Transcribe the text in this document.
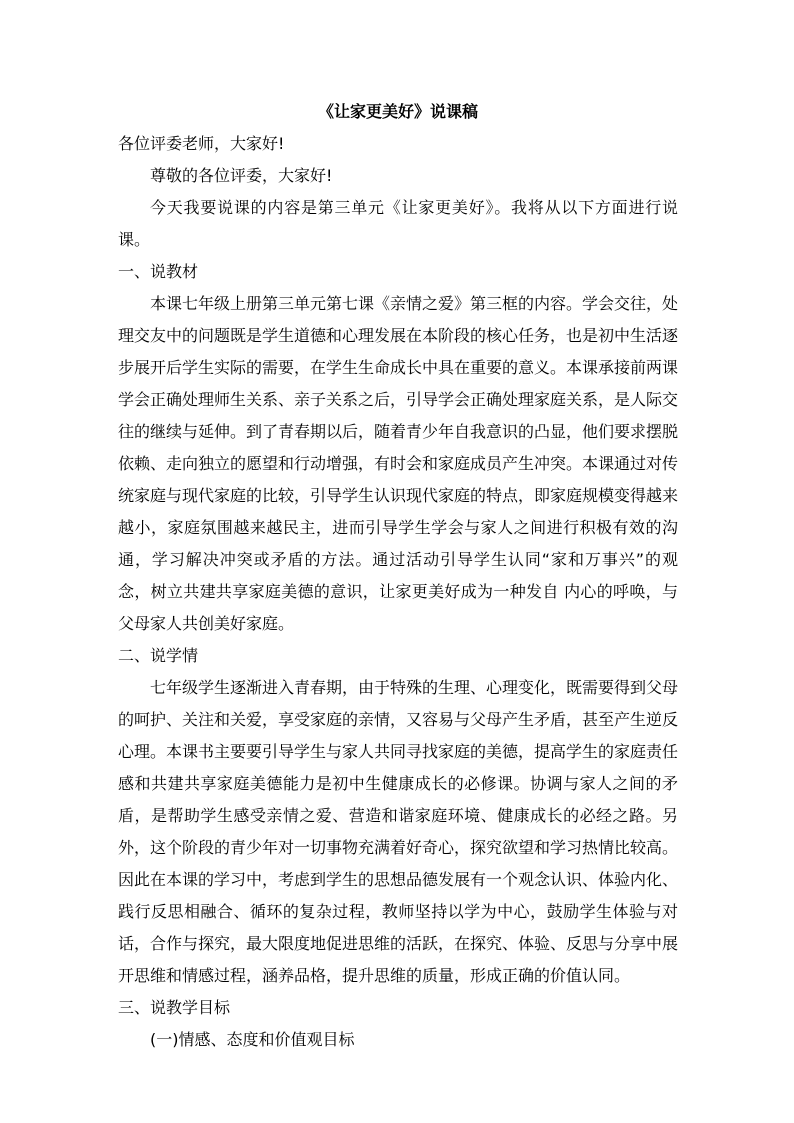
《让家更美好》说课稿

各位评委老师，大家好!

尊敬的各位评委，大家好!

今天我要说课的内容是第三单元《让家更美好》。我将从以下方面进行说课。

一、说教材

本课七年级上册第三单元第七课《亲情之爱》第三框的内容。学会交往，处理交友中的问题既是学生道德和心理发展在本阶段的核心任务，也是初中生活逐步展开后学生实际的需要，在学生生命成长中具在重要的意义。本课承接前两课学会正确处理师生关系、亲子关系之后，引导学会正确处理家庭关系，是人际交往的继续与延伸。到了青春期以后，随着青少年自我意识的凸显，他们要求摆脱依赖、走向独立的愿望和行动增强，有时会和家庭成员产生冲突。本课通过对传统家庭与现代家庭的比较，引导学生认识现代家庭的特点，即家庭规模变得越来越小，家庭氛围越来越民主，进而引导学生学会与家人之间进行积极有效的沟通，学习解决冲突或矛盾的方法。通过活动引导学生认同“家和万事兴”的观念，树立共建共享家庭美德的意识，让家更美好成为一种发自 内心的呼唤，与父母家人共创美好家庭。

二、说学情

七年级学生逐渐进入青春期，由于特殊的生理、心理变化，既需要得到父母的呵护、关注和关爱，享受家庭的亲情，又容易与父母产生矛盾，甚至产生逆反心理。本课书主要要引导学生与家人共同寻找家庭的美德，提高学生的家庭责任感和共建共享家庭美德能力是初中生健康成长的必修课。协调与家人之间的矛盾，是帮助学生感受亲情之爱、营造和谐家庭环境、健康成长的必经之路。另外，这个阶段的青少年对一切事物充满着好奇心，探究欲望和学习热情比较高。因此在本课的学习中，考虑到学生的思想品德发展有一个观念认识、体验内化、践行反思相融合、循环的复杂过程，教师坚持以学为中心，鼓励学生体验与对话，合作与探究，最大限度地促进思维的活跃，在探究、体验、反思与分享中展开思维和情感过程，涵养品格，提升思维的质量，形成正确的价值认同。

三、说教学目标

(一)情感、态度和价值观目标
